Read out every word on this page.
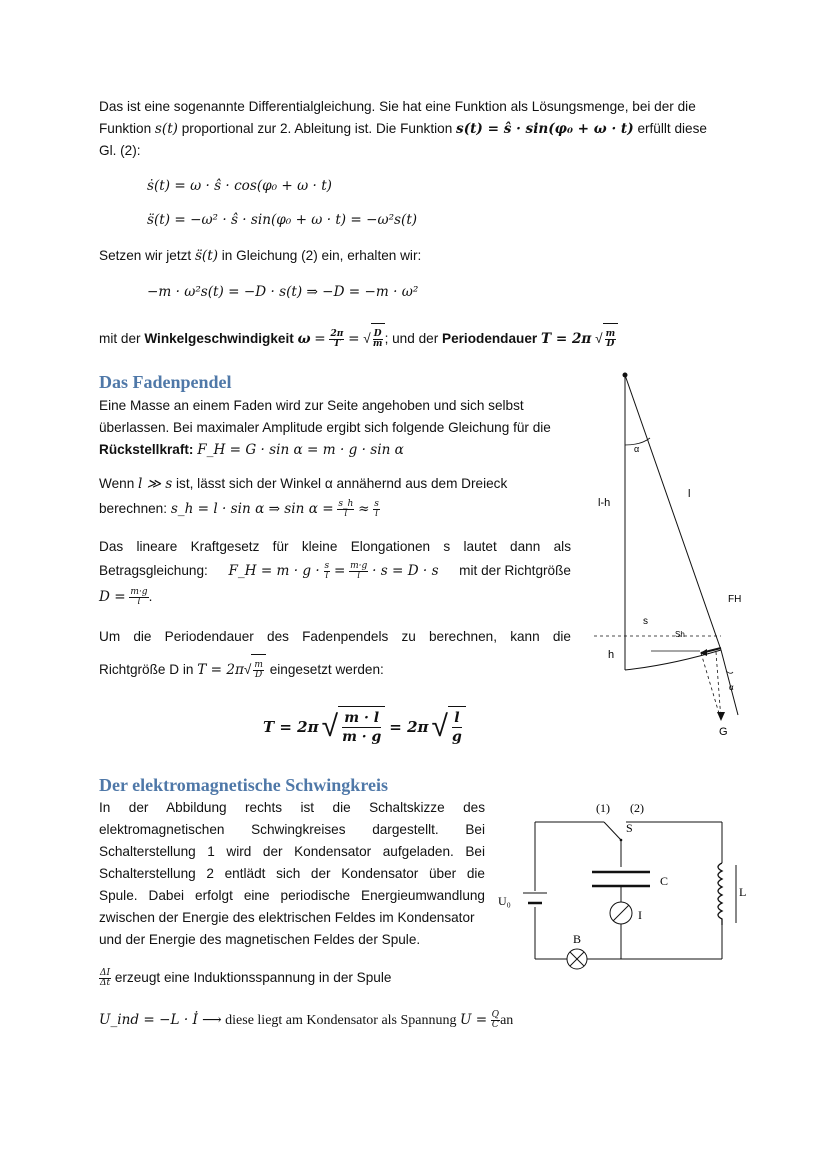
Das ist eine sogenannte Differentialgleichung. Sie hat eine Funktion als Lösungsmenge, bei der die
Funktion s(t) proportional zur 2. Ableitung ist. Die Funktion s(t) = ŝ · sin(φ₀ + ω · t) erfüllt diese
Gl. (2):
ṡ(t) = ω · ŝ · cos(φ₀ + ω · t)
s̈(t) = −ω² · ŝ · sin(φ₀ + ω · t) = −ω²s(t)
Setzen wir jetzt s̈(t) in Gleichung (2) ein, erhalten wir:
−m · ω²s(t) = −D · s(t) ⇒ −D = −m · ω²
mit der Winkelgeschwindigkeit $\omega = \frac{2\pi}{T}$ = √ $\frac{D}{m}$ ; und der Periodendauer T = 2π √ $\frac{m}{D}$
Das Fadenpendel
Eine Masse an einem Faden wird zur Seite angehoben und sich selbst
überlassen. Bei maximaler Amplitude ergibt sich folgende Gleichung für die
Rückstellkraft: F_H = G · sin α = m · g · sin α
Wenn l ≫ s ist, lässt sich der Winkel α annähernd aus dem Dreieck
berechnen: s_h = l · sin α ⇒ $\sin \alpha = \frac{s\_h}{l} \approx \frac{s}{l}$
Das lineare Kraftgesetz für kleine Elongationen s lautet dann als
Betragsgleichung: F_H = $m \cdot g \cdot \frac{s}{l} = \frac{m\cdot g}{l} \cdot s = D \cdot s$ mit der Richtgröße
$D = \frac{m\cdot g}{l}$ .
Um die Periodendauer des Fadenpendels zu berechnen, kann die
Richtgröße D in $T = 2\pi√ \frac{m}{D}$ eingesetzt werden:
T = 2π √ $\frac{m \cdot l}{m \cdot g} = 2\pi$ √ $\frac{l}{g}$
α
l
l-h
FH
s
Sh
h
α
G
Der elektromagnetische Schwingkreis
In der Abbildung rechts ist die Schaltskizze des
elektromagnetischen Schwingkreises dargestellt. Bei
Schalterstellung 1 wird der Kondensator aufgeladen. Bei
Schalterstellung 2 entlädt sich der Kondensator über die
Spule. Dabei erfolgt eine periodische Energieumwandlung
zwischen der Energie des elektrischen Feldes im Kondensator
und der Energie des magnetischen Feldes der Spule.
$\frac{\Delta I}{\Delta t}$ erzeugt eine Induktionsspannung in der Spule
U_ind = −L · İ ⟶ diese liegt am Kondensator als Spannung $U = \frac{Q}{C}$ an
(1) (2)
S
C
I
L
U₀
B
